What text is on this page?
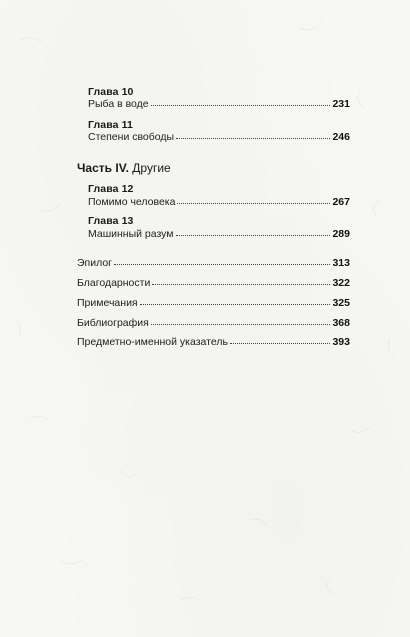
Глава 10
Рыба в воде	231
Глава 11
Степени свободы	246
Часть IV. Другие
Глава 12
Помимо человека	267
Глава 13
Машинный разум	289
Эпилог	313
Благодарности	322
Примечания	325
Библиография	368
Предметно-именной указатель	393
